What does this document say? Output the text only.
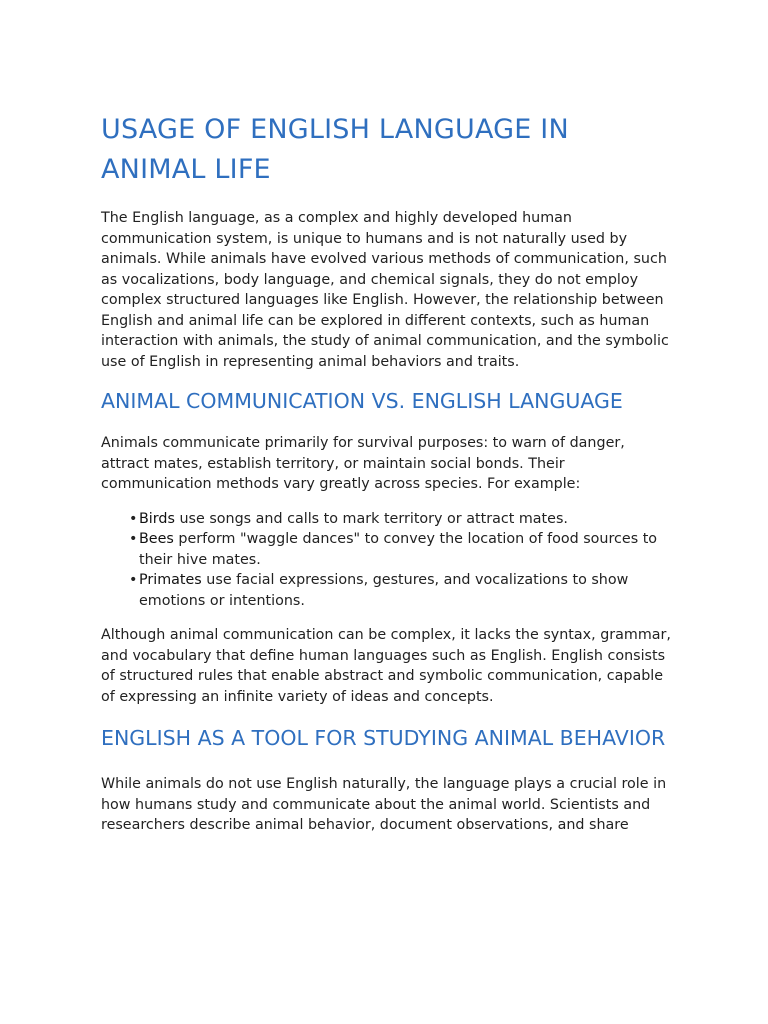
USAGE OF ENGLISH LANGUAGE IN ANIMAL LIFE

The English language, as a complex and highly developed human communication system, is unique to humans and is not naturally used by animals. While animals have evolved various methods of communication, such as vocalizations, body language, and chemical signals, they do not employ complex structured languages like English. However, the relationship between English and animal life can be explored in different contexts, such as human interaction with animals, the study of animal communication, and the symbolic use of English in representing animal behaviors and traits.

ANIMAL COMMUNICATION VS. ENGLISH LANGUAGE

Animals communicate primarily for survival purposes: to warn of danger, attract mates, establish territory, or maintain social bonds. Their communication methods vary greatly across species. For example:

• Birds use songs and calls to mark territory or attract mates.
• Bees perform "waggle dances" to convey the location of food sources to their hive mates.
• Primates use facial expressions, gestures, and vocalizations to show emotions or intentions.

Although animal communication can be complex, it lacks the syntax, grammar, and vocabulary that define human languages such as English. English consists of structured rules that enable abstract and symbolic communication, capable of expressing an infinite variety of ideas and concepts.

ENGLISH AS A TOOL FOR STUDYING ANIMAL BEHAVIOR

While animals do not use English naturally, the language plays a crucial role in how humans study and communicate about the animal world. Scientists and researchers describe animal behavior, document observations, and share
